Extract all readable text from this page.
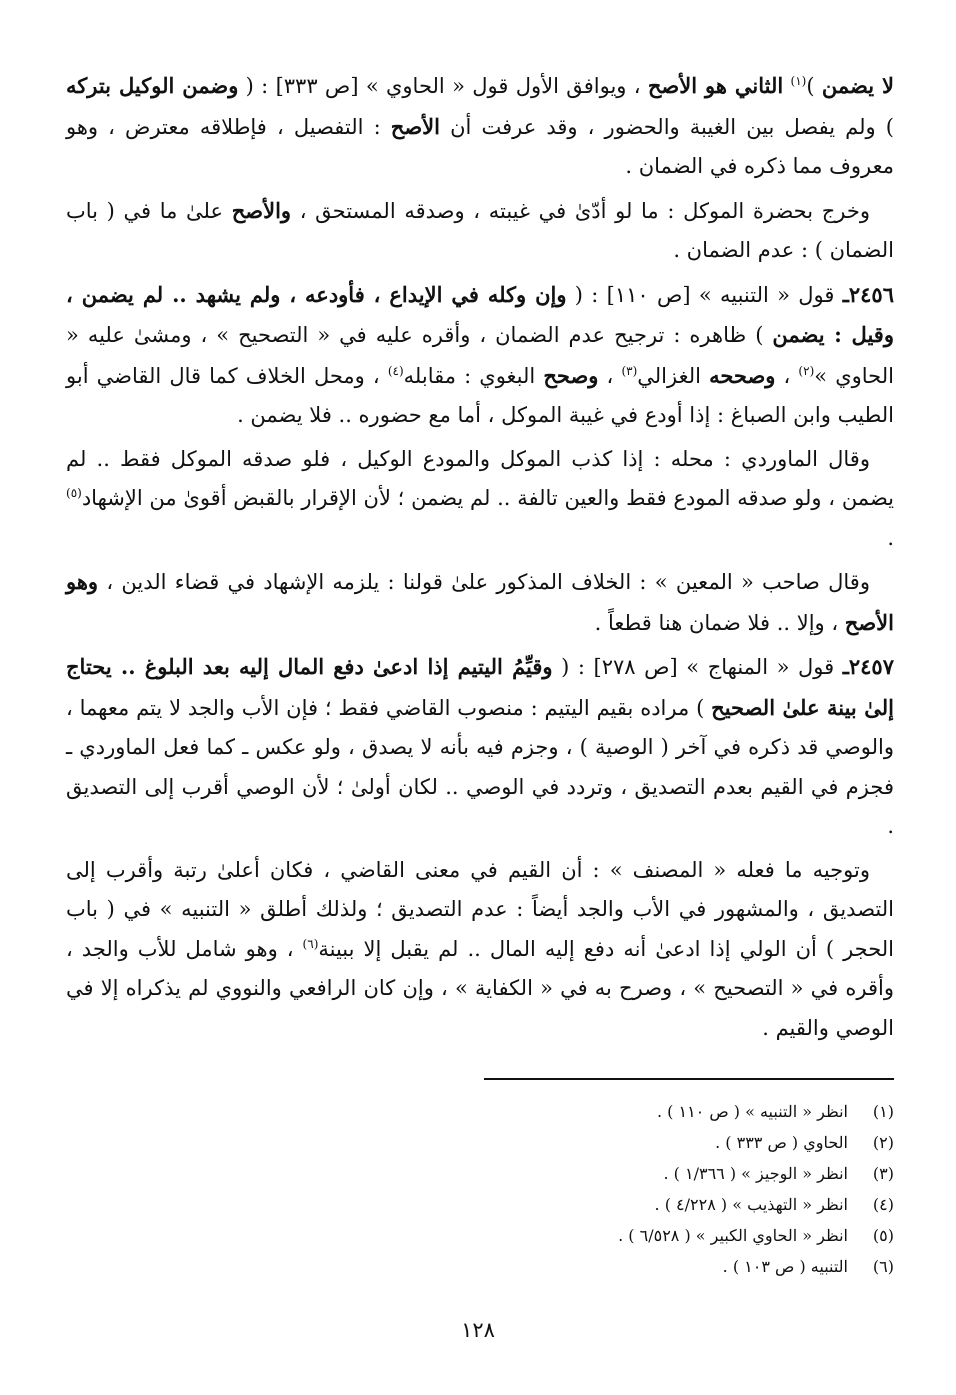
لا يضمن )$^{(١)}$ الثاني هو الأصح ، ويوافق الأول قول « الحاوي » [ص ٣٣٣] : ( وضمن الوكيل بتركه ) ولم يفصل بين الغيبة والحضور ، وقد عرفت أن الأصح : التفصيل ، فإطلاقه معترض ، وهو معروف مما ذكره في الضمان .

وخرج بحضرة الموكل : ما لو أدّىٰ في غيبته ، وصدقه المستحق ، والأصح علىٰ ما في ( باب الضمان ) : عدم الضمان .

٢٤٥٦ـ قول « التنبيه » [ص ١١٠] : ( وإن وكله في الإيداع ، فأودعه ، ولم يشهد .. لم يضمن ، وقيل : يضمن ) ظاهره : ترجيح عدم الضمان ، وأقره عليه في « التصحيح » ، ومشىٰ عليه « الحاوي »$^{(٢)}$ ، وصححه الغزالي$^{(٣)}$ ، وصحح البغوي : مقابله$^{(٤)}$ ، ومحل الخلاف كما قال القاضي أبو الطيب وابن الصباغ : إذا أودع في غيبة الموكل ، أما مع حضوره .. فلا يضمن .

وقال الماوردي : محله : إذا كذب الموكل والمودع الوكيل ، فلو صدقه الموكل فقط .. لم يضمن ، ولو صدقه المودع فقط والعين تالفة .. لم يضمن ؛ لأن الإقرار بالقبض أقوىٰ من الإشهاد$^{(٥)}$ .

وقال صاحب « المعين » : الخلاف المذكور علىٰ قولنا : يلزمه الإشهاد في قضاء الدين ، وهو الأصح ، وإلا .. فلا ضمان هنا قطعاً .

٢٤٥٧ـ قول « المنهاج » [ص ٢٧٨] : ( وقيِّمُ اليتيم إذا ادعىٰ دفع المال إليه بعد البلوغ .. يحتاج إلىٰ بينة علىٰ الصحيح ) مراده بقيم اليتيم : منصوب القاضي فقط ؛ فإن الأب والجد لا يتم معهما ، والوصي قد ذكره في آخر ( الوصية ) ، وجزم فيه بأنه لا يصدق ، ولو عكس ـ كما فعل الماوردي ـ فجزم في القيم بعدم التصديق ، وتردد في الوصي .. لكان أولىٰ ؛ لأن الوصي أقرب إلى التصديق .

وتوجيه ما فعله « المصنف » : أن القيم في معنى القاضي ، فكان أعلىٰ رتبة وأقرب إلى التصديق ، والمشهور في الأب والجد أيضاً : عدم التصديق ؛ ولذلك أطلق « التنبيه » في ( باب الحجر ) أن الولي إذا ادعىٰ أنه دفع إليه المال .. لم يقبل إلا ببينة$^{(٦)}$ ، وهو شامل للأب والجد ، وأقره في « التصحيح » ، وصرح به في « الكفاية » ، وإن كان الرافعي والنووي لم يذكراه إلا في الوصي والقيم .

(١)انظر « التنبيه » ( ص ١١٠ ) .
(٢)الحاوي ( ص ٣٣٣ ) .
(٣)انظر « الوجيز » ( ١/٣٦٦ ) .
(٤)انظر « التهذيب » ( ٤/٢٢٨ ) .
(٥)انظر « الحاوي الكبير » ( ٦/٥٢٨ ) .
(٦)التنبيه ( ص ١٠٣ ) .
١٢٨
